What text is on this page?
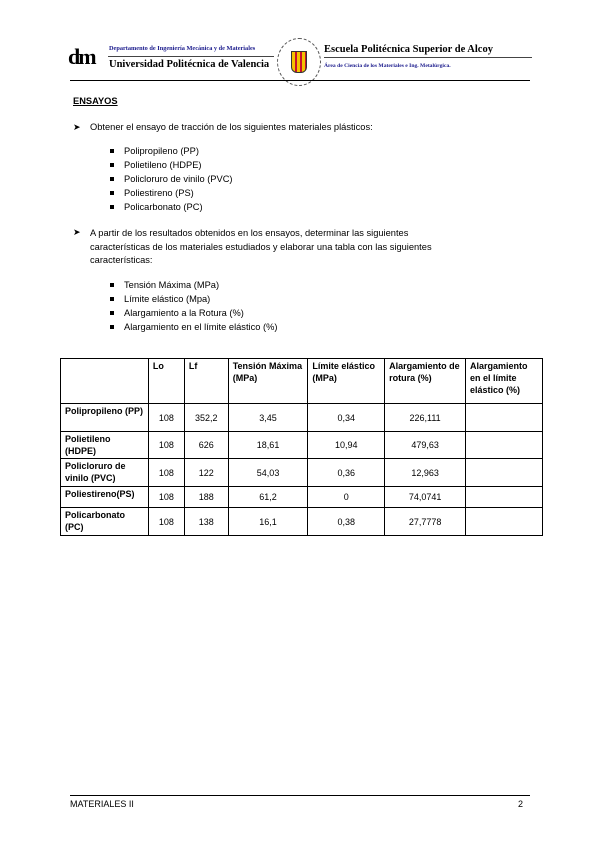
dm Departamento de Ingeniería Mecánica y de Materiales
Universidad Politécnica de Valencia
Escuela Politécnica Superior de Alcoy
Área de Ciencia de los Materiales e Ing. Metalúrgica.
ENSAYOS
➤	Obtener el ensayo de tracción de los siguientes materiales plásticos:
Polipropileno (PP)
Polietileno (HDPE)
Policloruro de vinilo (PVC)
Poliestireno (PS)
Policarbonato (PC)
➤ A partir de los resultados obtenidos en los ensayos, determinar las siguientes
características de los materiales estudiados y elaborar una tabla con las siguientes
características:
Tensión Máxima (MPa)
Límite elástico (Mpa)
Alargamiento a la Rotura (%)
Alargamiento en el límite elástico (%)
	Lo	Lf	Tensión Máxima (MPa)	Límite elástico (MPa)	Alargamiento de rotura (%)	Alargamiento en el límite elástico (%)
Polipropileno (PP)	108	352,2	3,45	0,34	226,111	
Polietileno (HDPE)	108	626	18,61	10,94	479,63	
Policloruro de vinilo (PVC)	108	122	54,03	0,36	12,963	
Poliestireno(PS)	108	188	61,2	0	74,0741	
Policarbonato (PC)	108	138	16,1	0,38	27,7778	
MATERIALES II	2
